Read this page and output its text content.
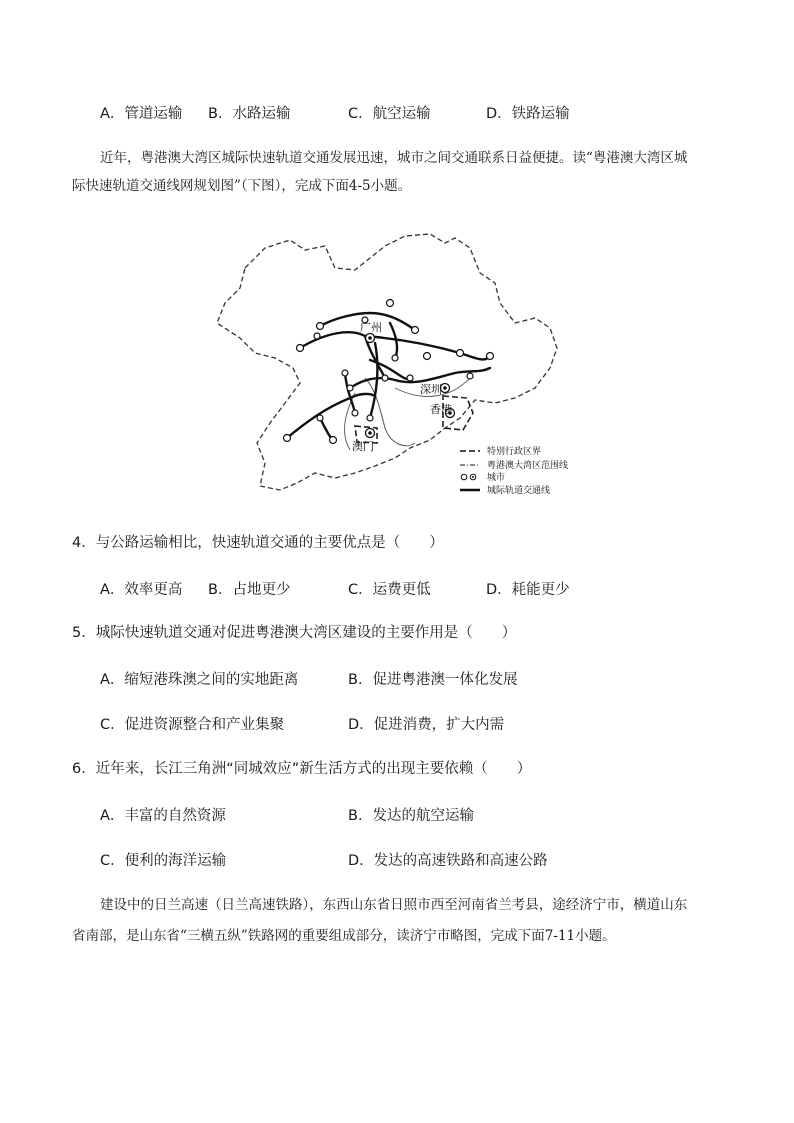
A．管道运输 B．水路运输	C．航空运输	D．铁路运输
近年，粤港澳大湾区城际快速轨道交通发展迅速，城市之间交通联系日益便捷。读“粤港澳大湾区城
际快速轨道交通线网规划图”（下图），完成下面4-5小题。
广州
深圳
香港
澳门	特别行政区界
粤港澳大湾区范围线
城市
城际轨道交通线
4．与公路运输相比，快速轨道交通的主要优点是（　　）
A．效率更高 B．占地更少	C．运费更低	D．耗能更少
5．城际快速轨道交通对促进粤港澳大湾区建设的主要作用是（　　）
A．缩短港珠澳之间的实地距离	B．促进粤港澳一体化发展
C．促进资源整合和产业集聚	D．促进消费，扩大内需
6．近年来，长江三角洲“同城效应”新生活方式的出现主要依赖（　　）
A．丰富的自然资源	B．发达的航空运输
C．便利的海洋运输	D．发达的高速铁路和高速公路
建设中的日兰高速（日兰高速铁路），东西山东省日照市西至河南省兰考县，途经济宁市，横道山东
省南部，是山东省“三横五纵”铁路网的重要组成部分，读济宁市略图，完成下面7-11小题。
